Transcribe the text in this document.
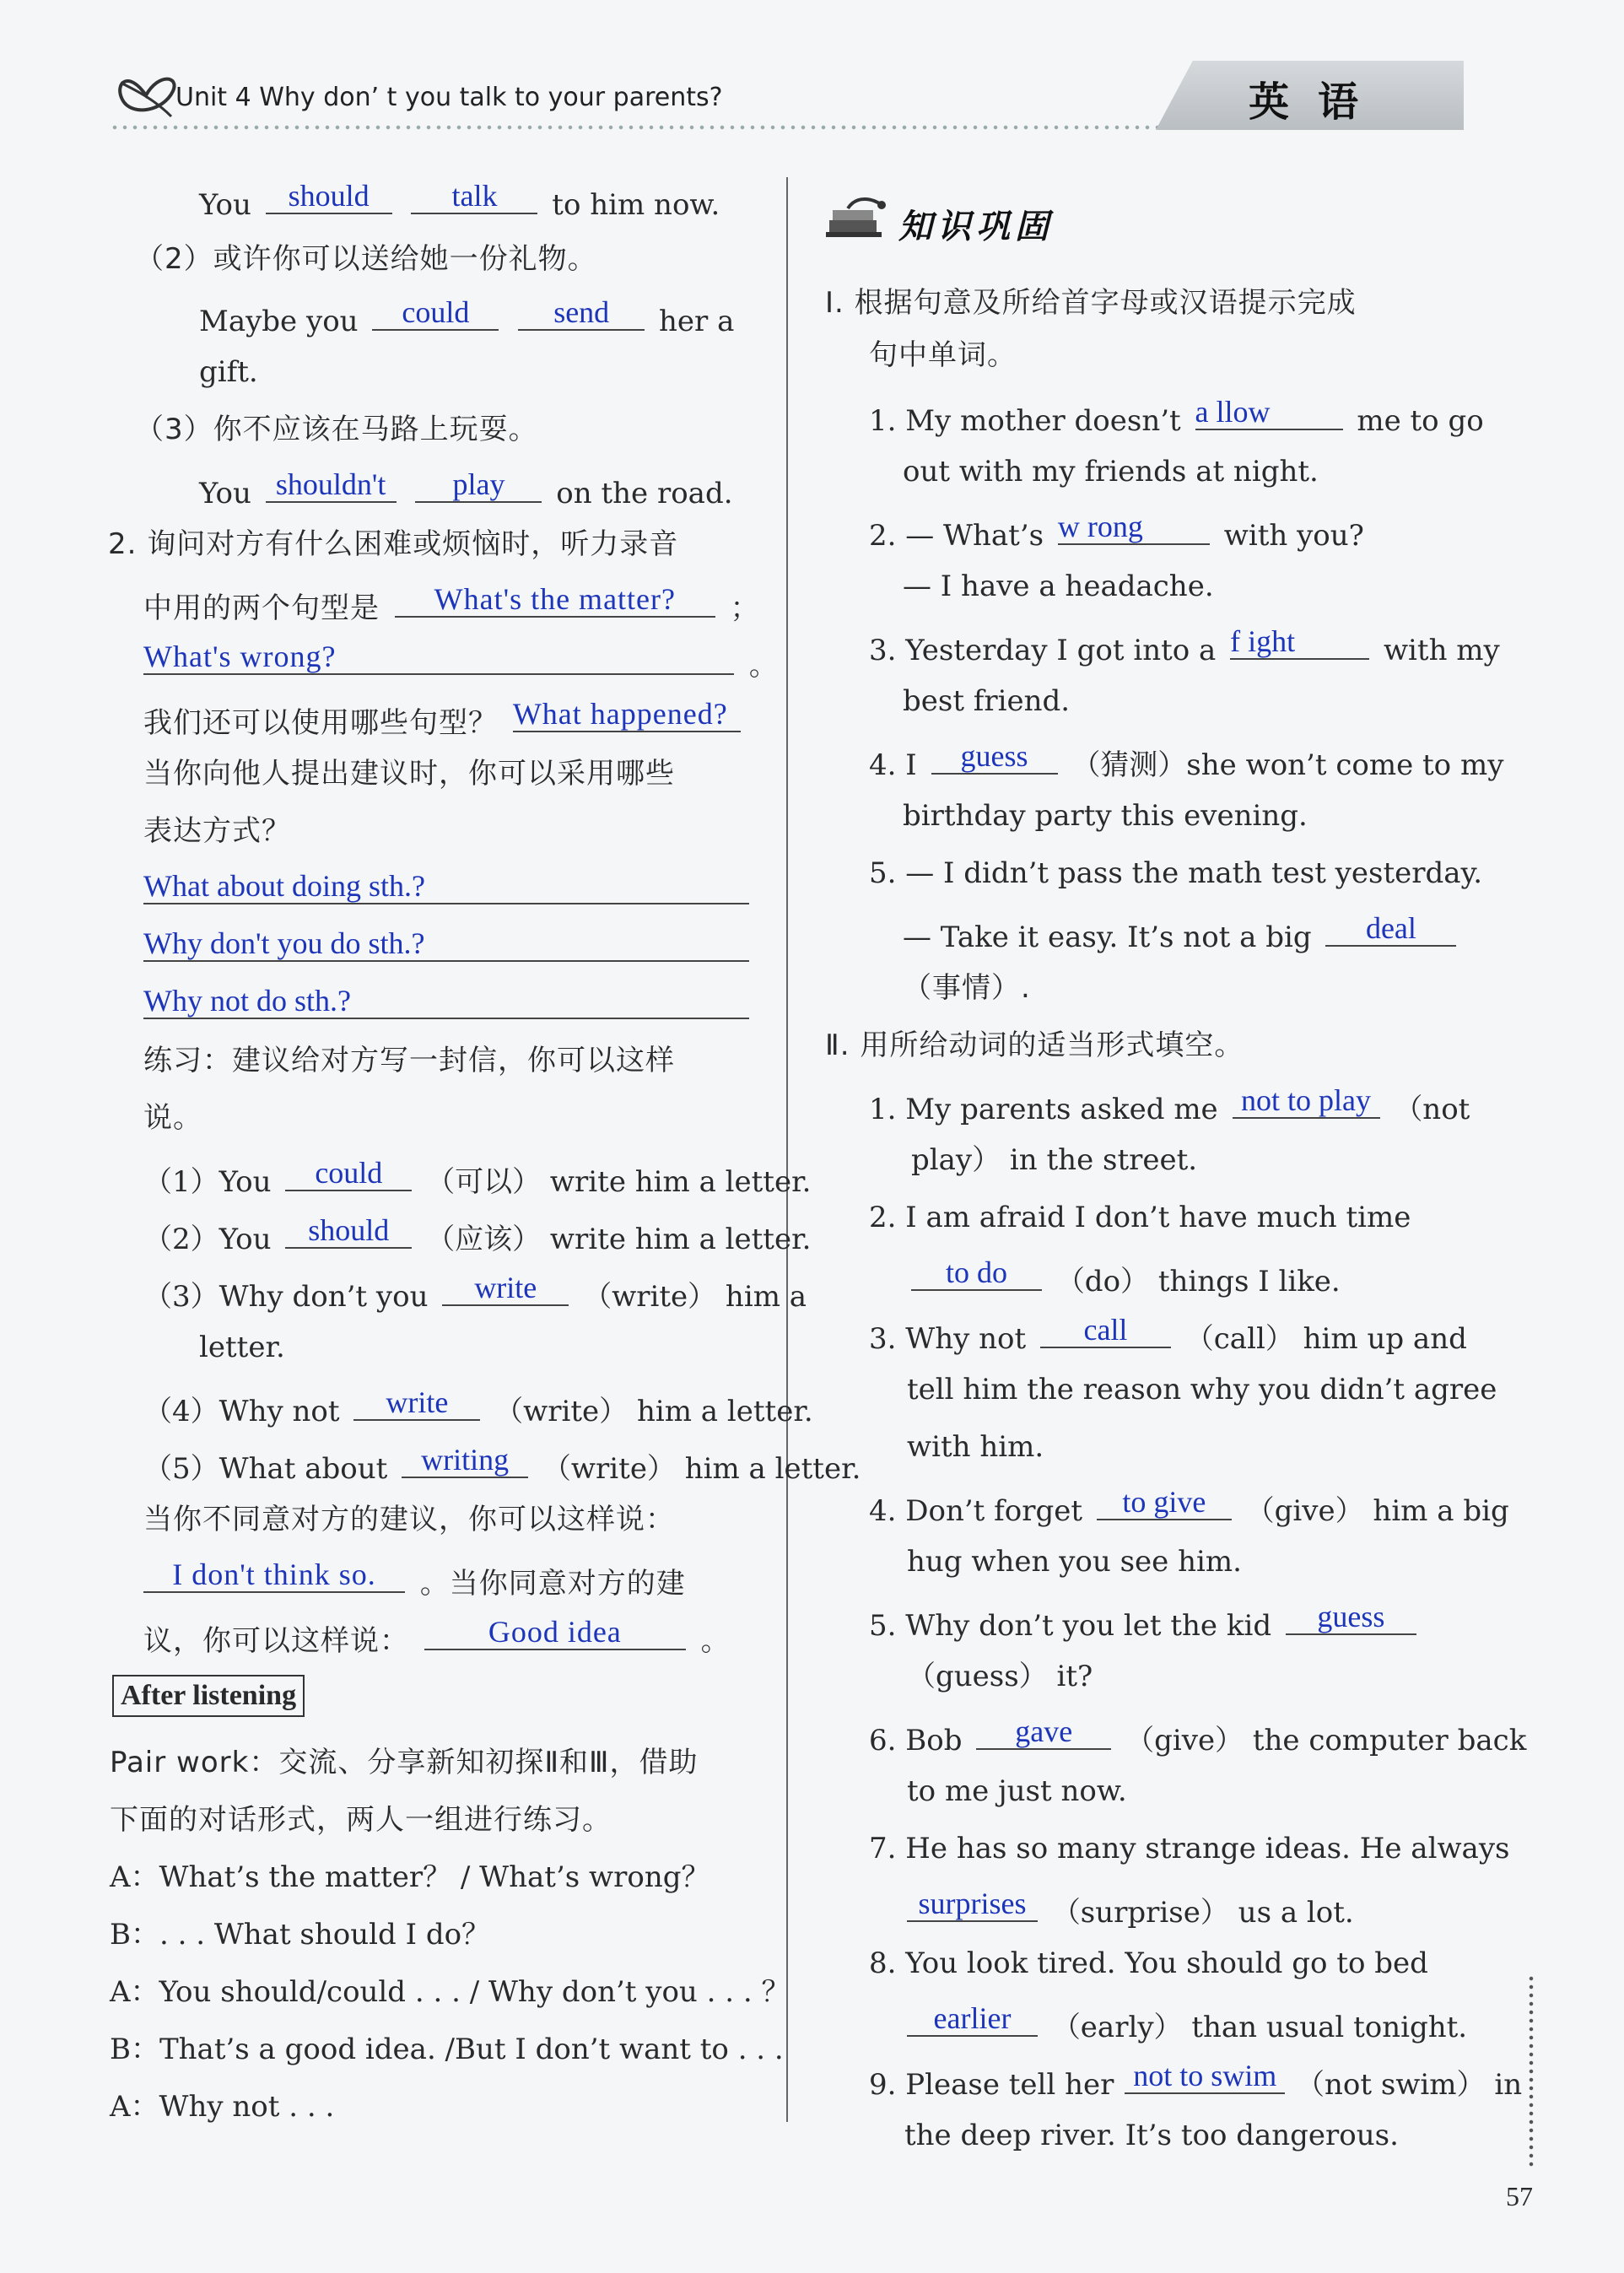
Unit 4 Why don’ t you talk to your parents?	英语
You	should
	talk	to him now.
（2）或许你可以送给她一份礼物。
Maybe you	could
	send	her a
gift.
（3）你不应该在马路上玩耍。
You shouldn't
	play	on the road.
2. 询问对方有什么困难或烦恼时，听力录音
中用的两个句型是	What's the matter?	；
What's wrong?	。
我们还可以使用哪些句型？ What happened?
当你向他人提出建议时，你可以采用哪些
表达方式？
What about doing sth.?
Why don't you do sth.?
Why not do sth.?
练习：建议给对方写一封信，你可以这样
说。
（1）You	could	（可以） write him a letter.
（2）You	should	（应该） write him a letter.
（3）Why don’t you	write	（write） him a
letter.
（4）Why not	write	（write） him a letter.
（5）What about	writing	（write） him a letter.
当你不同意对方的建议，你可以这样说：
I don't think so.	。当你同意对方的建
议，你可以这样说：	Good idea	。
After listening
Pair work：交流、分享新知初探Ⅱ和Ⅲ，借助
下面的对话形式，两人一组进行练习。
A：What’s the matter？ / What’s wrong？
B：. . . What should I do？
A：You should/could . . . / Why don’t you . . . ？
B：That’s a good idea. /But I don’t want to . . .
A：Why not . . .
知识巩固
Ⅰ. 根据句意及所给首字母或汉语提示完成
句中单词。
1. My mother doesn’t a llow	me to go
out with my friends at night.
2. — What’s w rong	with you?
— I have a headache.
3. Yesterday I got into a f ight	with my
best friend.
4. I	guess	（猜测）she won’t come to my
birthday party this evening.
5. — I didn’t pass the math test yesterday.
— Take it easy. It’s not a big	deal
（事情）.
Ⅱ. 用所给动词的适当形式填空。
1. My parents asked me not to play （not
play） in the street.
2. I am afraid I don’t have much time
to do	（do） things I like.
3. Why not	call	（call） him up and
tell him the reason why you didn’t agree
with him.
4. Don’t forget	to give	（give） him a big
hug when you see him.
5. Why don’t you let the kid	guess
（guess） it?
6. Bob	gave	（give） the computer back
to me just now.
7. He has so many strange ideas. He always
surprises （surprise） us a lot.
8. You look tired. You should go to bed
earlier	（early） than usual tonight.
9. Please tell her not to swim （not swim） in
the deep river. It’s too dangerous.
57
